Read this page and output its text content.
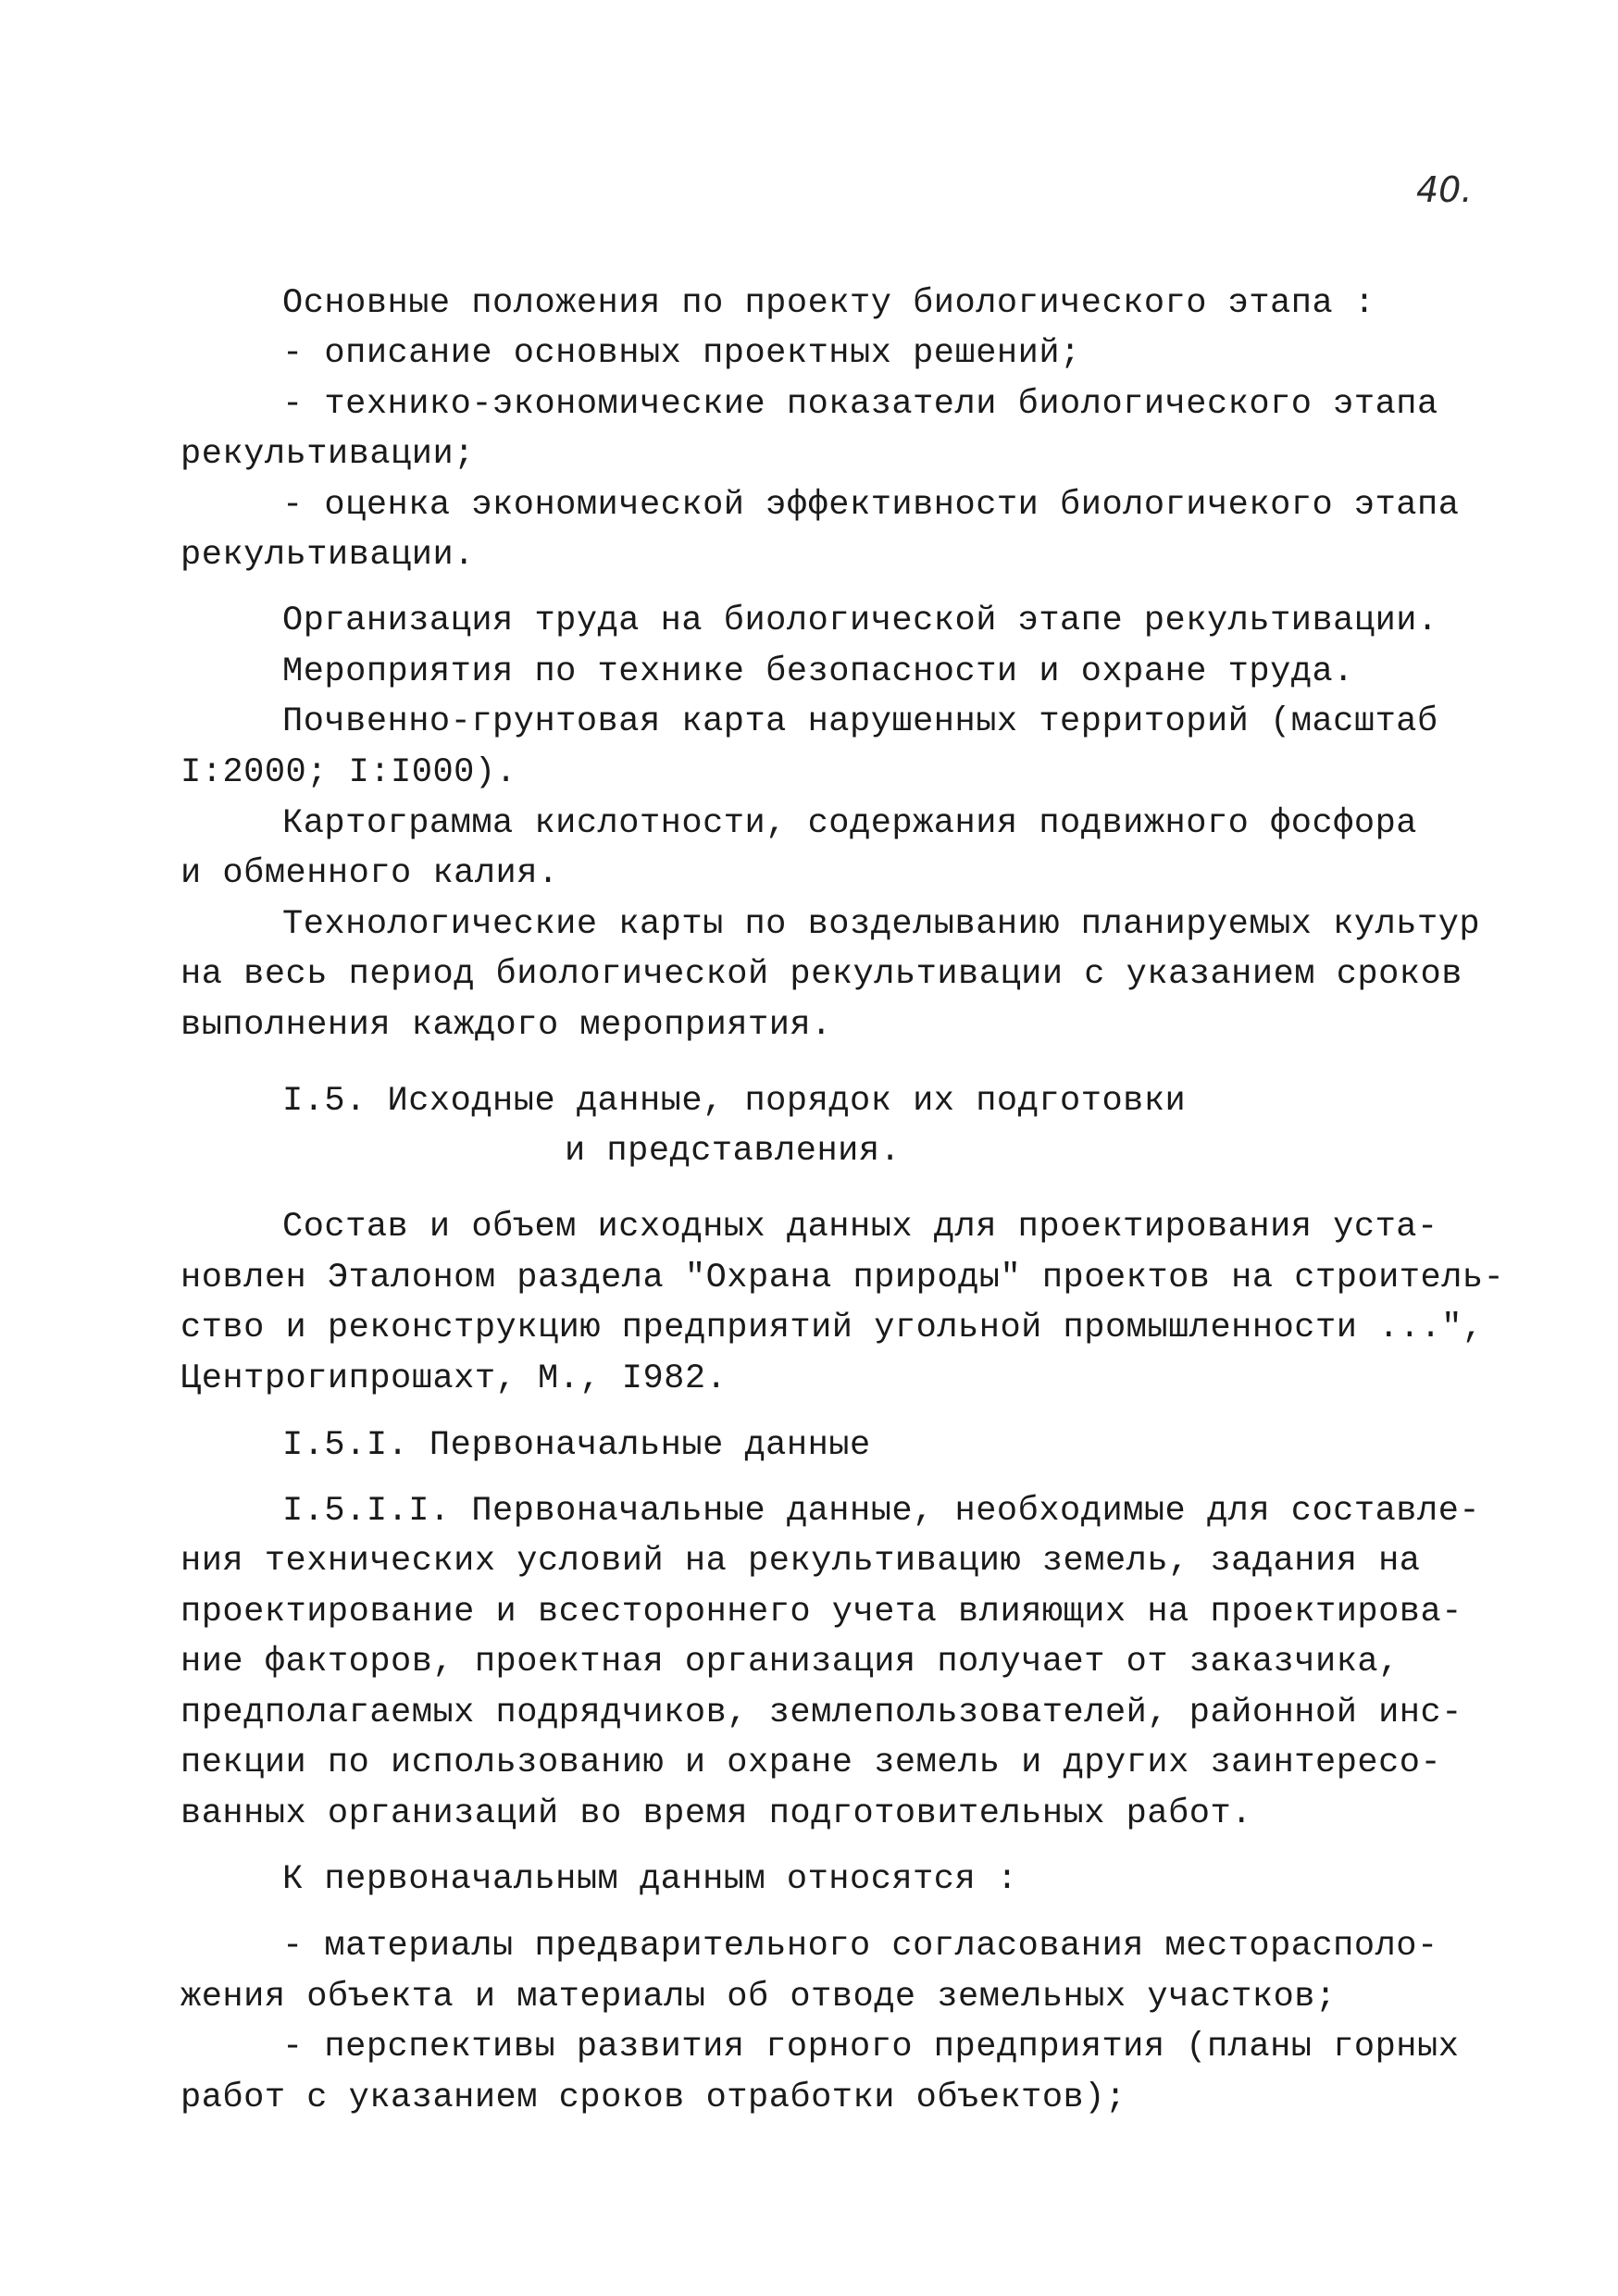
40.
Основные положения по проекту биологического этапа :
- описание основных проектных решений;
- технико-экономические показатели биологического этапа
рекультивации;
- оценка экономической эффективности биологичекого этапа
рекультивации.
Организация труда на биологической этапе рекультивации.
Мероприятия по технике безопасности и охране труда.
Почвенно-грунтовая карта нарушенных территорий (масштаб
I:2000; I:I000).
Картограмма кислотности, содержания подвижного фосфора
и обменного калия.
Технологические карты по возделыванию планируемых культур
на весь период биологической рекультивации с указанием сроков
выполнения каждого мероприятия.
I.5. Исходные данные, порядок их подготовки
и представления.
Состав и объем исходных данных для проектирования уста-
новлен Эталоном раздела "Охрана природы" проектов на строитель-
ство и реконструкцию предприятий угольной промышленности ...",
Центрогипрошахт, М., I982.
I.5.I. Первоначальные данные
I.5.I.I. Первоначальные данные, необходимые для составле-
ния технических условий на рекультивацию земель, задания на
проектирование и всестороннего учета влияющих на проектирова-
ние факторов, проектная организация получает от заказчика,
предполагаемых подрядчиков, землепользователей, районной инс-
пекции по использованию и охране земель и других заинтересо-
ванных организаций во время подготовительных работ.
К первоначальным данным относятся :
- материалы предварительного согласования месторасполо-
жения объекта и материалы об отводе земельных участков;
- перспективы развития горного предприятия (планы горных
работ с указанием сроков отработки объектов);
